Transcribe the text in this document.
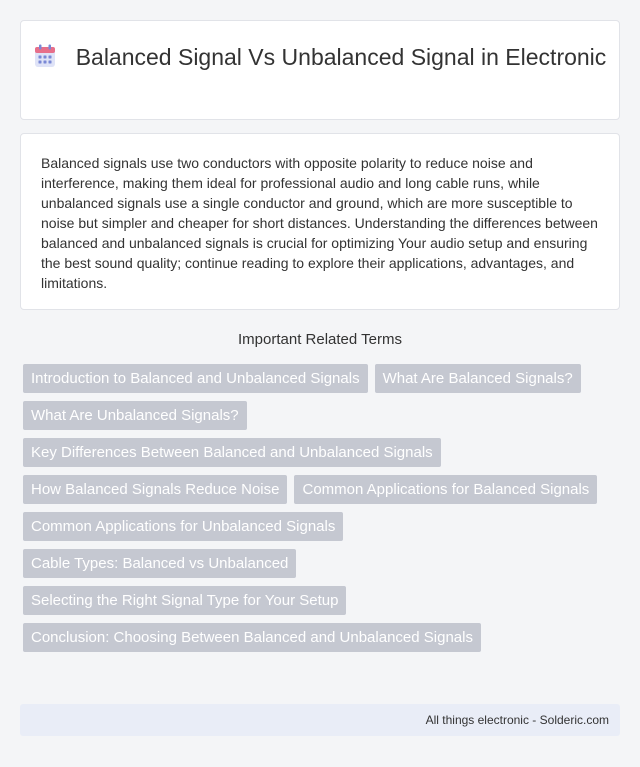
Balanced Signal Vs Unbalanced Signal in Electronic

Balanced signals use two conductors with opposite polarity to reduce noise and interference, making them ideal for professional audio and long cable runs, while unbalanced signals use a single conductor and ground, which are more susceptible to noise but simpler and cheaper for short distances. Understanding the differences between balanced and unbalanced signals is crucial for optimizing Your audio setup and ensuring the best sound quality; continue reading to explore their applications, advantages, and limitations.

Important Related Terms
Introduction to Balanced and Unbalanced Signals	What Are Balanced Signals?
What Are Unbalanced Signals?
Key Differences Between Balanced and Unbalanced Signals
How Balanced Signals Reduce Noise	Common Applications for Balanced Signals
Common Applications for Unbalanced Signals
Cable Types: Balanced vs Unbalanced
Selecting the Right Signal Type for Your Setup
Conclusion: Choosing Between Balanced and Unbalanced Signals
All things electronic - Solderic.com
